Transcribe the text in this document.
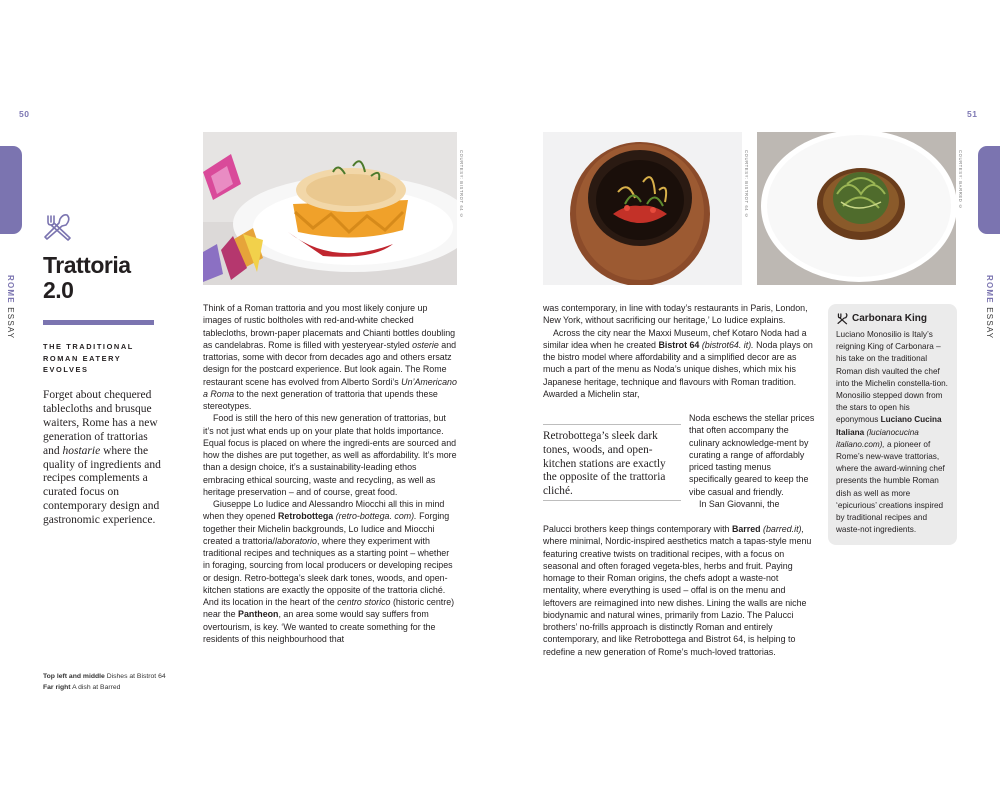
50	51
ROME ESSAY
ROME ESSAY
Trattoria
2.0
THE TRADITIONAL
ROMAN EATERY
EVOLVES
Forget about chequered tablecloths and brusque waiters, Rome has a new generation of trattorias and hostarie where the quality of ingredients and recipes complements a curated focus on contemporary design and gastronomic experience.
Top left and middle Dishes at Bistrot 64
Far right A dish at Barred
COURTESY: BISTROT 64 ©	COURTESY: BISTROT 64 ©	COURTESY: BARRED ©

Think of a Roman trattoria and you most likely conjure up images of rustic boltholes with red-and-white checked tablecloths, brown-paper placemats and Chianti bottles doubling as candelabras. Rome is filled with yesteryear-styled osterie and trattorias, some with decor from decades ago and others ersatz design for the postcard experience. But look again. The Rome restaurant scene has evolved from Alberto Sordi’s Un’Americano a Roma to the next generation of trattoria that upends these stereotypes.

Food is still the hero of this new generation of trattorias, but it’s not just what ends up on your plate that holds importance. Equal focus is placed on where the ingredi-ents are sourced and how the dishes are put together, as well as affordability. It’s more than a design choice, it’s a sustainability-leading ethos embracing ethical sourcing, waste and recycling, as well as heritage preservation – and of course, great food.

Giuseppe Lo Iudice and Alessandro Miocchi all this in mind when they opened Retrobottega (retro-bottega. com). Forging together their Michelin backgrounds, Lo Iudice and Miocchi created a trattoria/laboratorio, where they experiment with traditional recipes and techniques as a starting point – whether in foraging, sourcing from local producers or developing recipes or design. Retro-bottega’s sleek dark tones, woods, and open-kitchen stations are exactly the opposite of the trattoria cliché. And its location in the heart of the centro storico (historic centre) near the Pantheon, an area some would say suffers from overtourism, is key. ‘We wanted to create something for the residents of this neighbourhood that

was contemporary, in line with today’s restaurants in Paris, London, New York, without sacrificing our heritage,’ Lo Iudice explains.

Across the city near the Maxxi Museum, chef Kotaro Noda had a similar idea when he created Bistrot 64 (bistrot64. it). Noda plays on the bistro model where affordability and a simplified decor are as much a part of the menu as Noda’s unique dishes, which mix his Japanese heritage, technique and flavours with Roman tradition. Awarded a Michelin star,

Noda eschews the stellar prices that often accompany the culinary acknowledge-ment by curating a range of affordably priced tasting menus specifically geared to keep the vibe casual and friendly.

In San Giovanni, the

Retrobottega’s sleek dark tones, woods, and open-kitchen stations are exactly the opposite of the trattoria cliché.

Palucci brothers keep things contemporary with Barred (barred.it), where minimal, Nordic-inspired aesthetics match a tapas-style menu featuring creative twists on traditional recipes, with a focus on seasonal and often foraged vegeta-bles, herbs and fruit. Paying homage to their Roman origins, the chefs adopt a waste-not mentality, where everything is used – offal is on the menu and leftovers are reimagined into new dishes. Lining the walls are niche biodynamic and natural wines, primarily from Lazio. The Palucci brothers’ no-frills approach is distinctly Roman and entirely contemporary, and like Retrobottega and Bistrot 64, is helping to redefine a new generation of Rome’s much-loved trattorias.

Carbonara King
Luciano Monosilio is Italy’s reigning King of Carbonara – his take on the traditional Roman dish vaulted the chef into the Michelin constella-tion. Monosilio stepped down from the stars to open his eponymous Luciano Cucina Italiana (lucianocucina italiano.com), a pioneer of Rome’s new-wave trattorias, where the award-winning chef presents the humble Roman dish as well as more ‘epicurious’ creations inspired by traditional recipes and waste-not ingredients.
